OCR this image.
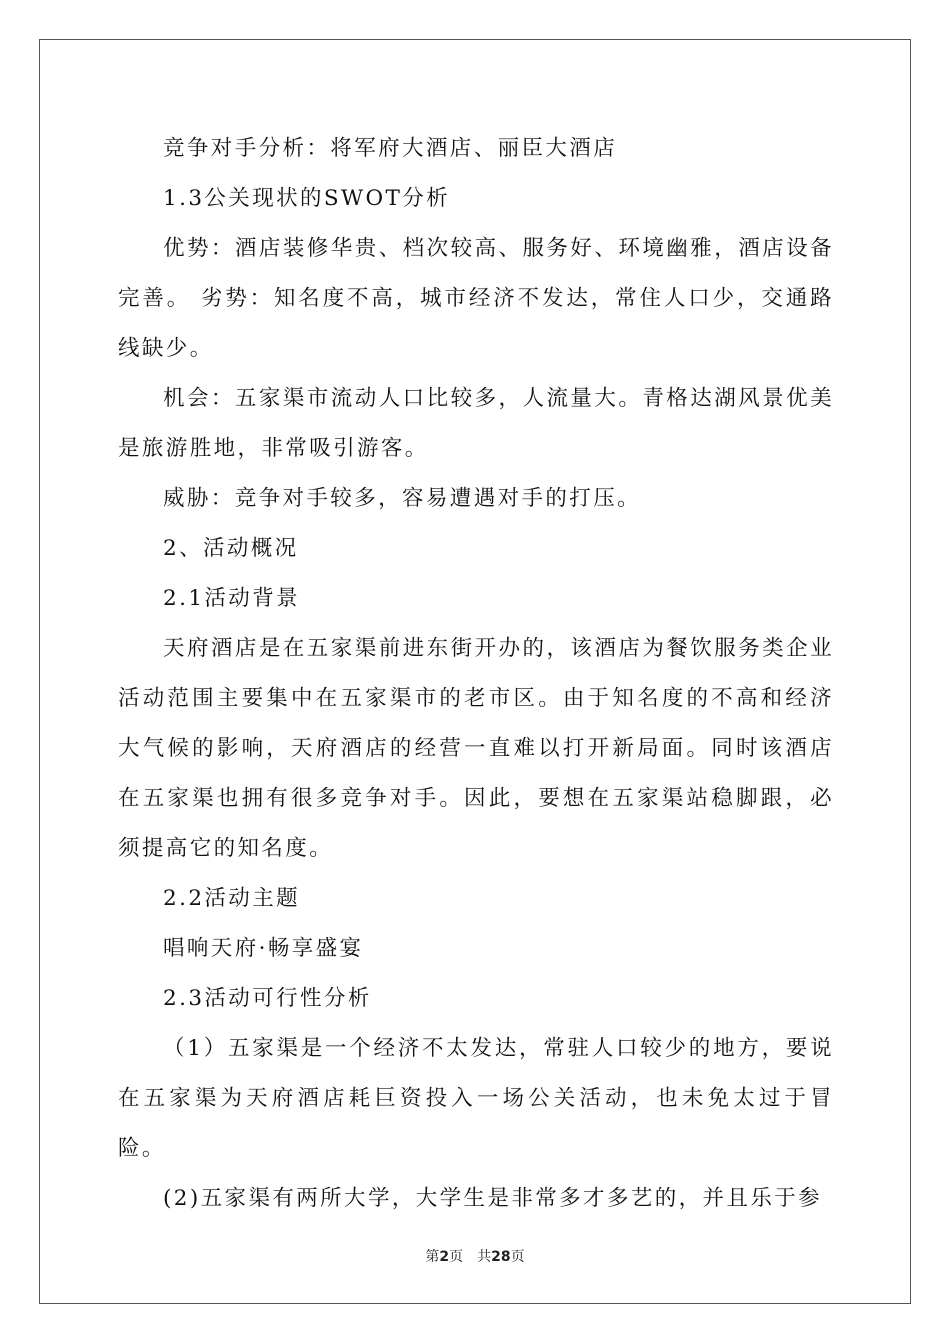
竞争对手分析：将军府大酒店、丽臣大酒店

1.3公关现状的SWOT分析

优势：酒店装修华贵、档次较高、服务好、环境幽雅，酒店设备完善。 劣势：知名度不高，城市经济不发达，常住人口少，交通路线缺少。

机会：五家渠市流动人口比较多，人流量大。青格达湖风景优美是旅游胜地，非常吸引游客。

威胁：竞争对手较多，容易遭遇对手的打压。

2、活动概况

2.1活动背景

天府酒店是在五家渠前进东街开办的，该酒店为餐饮服务类企业活动范围主要集中在五家渠市的老市区。由于知名度的不高和经济大气候的影响，天府酒店的经营一直难以打开新局面。同时该酒店在五家渠也拥有很多竞争对手。因此，要想在五家渠站稳脚跟，必须提高它的知名度。

2.2活动主题

唱响天府·畅享盛宴

2.3活动可行性分析

（1）五家渠是一个经济不太发达，常驻人口较少的地方，要说在五家渠为天府酒店耗巨资投入一场公关活动，也未免太过于冒险。

(2)五家渠有两所大学，大学生是非常多才多艺的，并且乐于参

第2页 共28页
